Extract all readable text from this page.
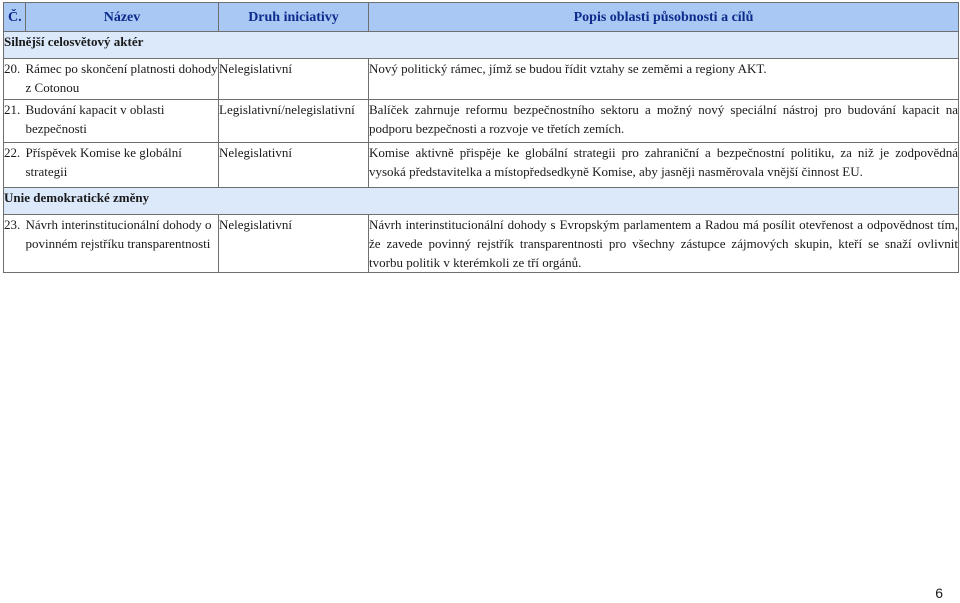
Č.	Název	Druh iniciativy	Popis oblasti působnosti a cílů
Silnější celosvětový aktér			
20.	Rámec po skončení platnosti dohody z Cotonou	Nelegislativní	Nový politický rámec, jímž se budou řídit vztahy se zeměmi a regiony AKT.
21.	Budování kapacit v oblasti bezpečnosti	Legislativní/nelegislativní	Balíček zahrnuje reformu bezpečnostního sektoru a možný nový speciální nástroj pro budování kapacit na podporu bezpečnosti a rozvoje ve třetích zemích.
22.	Příspěvek Komise ke globální strategii	Nelegislativní	Komise aktivně přispěje ke globální strategii pro zahraniční a bezpečnostní politiku, za niž je zodpovědná vysoká představitelka a místopředsedkyně Komise, aby jasněji nasměrovala vnější činnost EU.
Unie demokratické změny			
23.	Návrh interinstitucionální dohody o povinném rejstříku transparentnosti	Nelegislativní	Návrh interinstitucionální dohody s Evropským parlamentem a Radou má posílit otevřenost a odpovědnost tím, že zavede povinný rejstřík transparentnosti pro všechny zástupce zájmových skupin, kteří se snaží ovlivnit tvorbu politik v kterémkoli ze tří orgánů.
6
